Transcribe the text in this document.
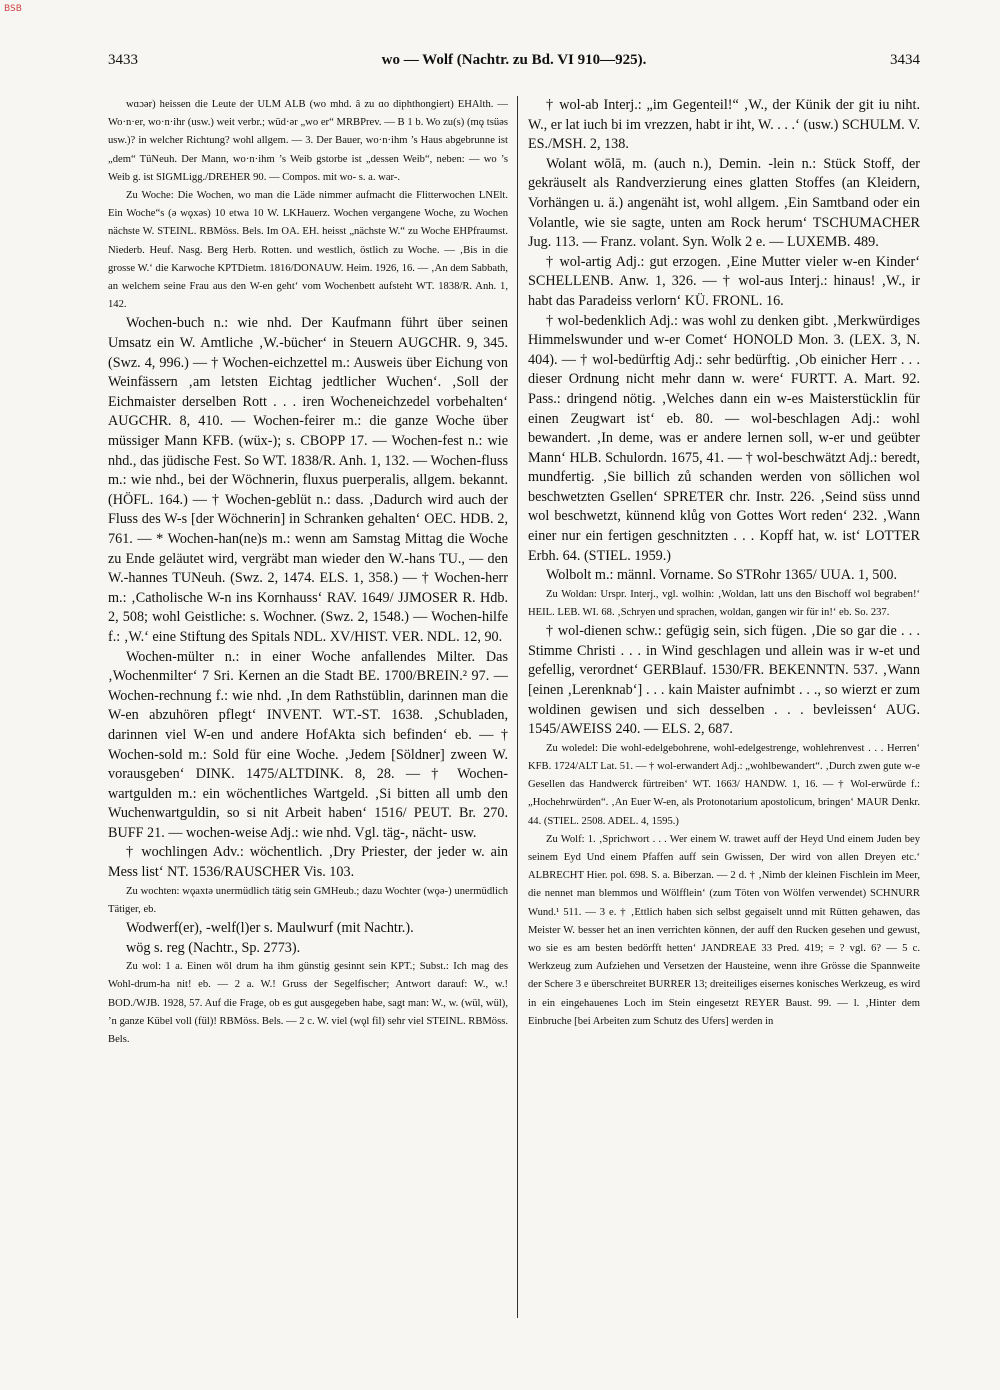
BSB
3433	wo — Wolf (Nachtr. zu Bd. VI 910—925).	3434

wɑɔər) heissen die Leute der ULM ALB (wo mhd. â zu ɑo diphthongiert) EHAlth. — Wo·n·er, wo·n·ihr (usw.) weit verbr.; wüd·ər „wo er“ MRBPrev. — B 1 b. Wo zu(s) (mǫ tsüəs usw.)? in welcher Richtung? wohl allgem. — 3. Der Bauer, wo·n·ihm ’s Haus abgebrunne ist „dem“ TüNeuh. Der Mann, wo·n·ihm ’s Weib gstorbe ist „dessen Weib“, neben: — wo ’s Weib g. ist SIGMLigg./DREHER 90. — Compos. mit wo- s. a. war-.

Zu Woche: Die Wochen, wo man die Läde nimmer aufmacht die Flitterwochen LNElt. Ein Woche“s (ə wǫxəs) 10 etwa 10 W. LKHauerz. Wochen vergangene Woche, zu Wochen nächste W. STEINL. RBMöss. Bels. Im OA. EH. heisst „nächste W.“ zu Woche EHPfraumst. Niederb. Heuf. Nasg. Berg Herb. Rotten. und westlich, östlich zu Woche. — ‚Bis in die grosse W.‘ die Karwoche KPTDietm. 1816/DONAUW. Heim. 1926, 16. — ‚An dem Sabbath, an welchem seine Frau aus den W-en geht‘ vom Wochenbett aufsteht WT. 1838/R. Anh. 1, 142.

Wochen-buch n.: wie nhd. Der Kaufmann führt über seinen Umsatz ein W. Amtliche ‚W.-bücher‘ in Steuern AUGCHR. 9, 345. (Swz. 4, 996.) — † Wochen-eichzettel m.: Ausweis über Eichung von Weinfässern ‚am letsten Eichtag jedtlicher Wuchen‘. ‚Soll der Eichmaister derselben Rott . . . iren Wocheneichzedel vorbehalten‘ AUGCHR. 8, 410. — Wochen-feirer m.: die ganze Woche über müssiger Mann KFB. (wüx-); s. CBOPP 17. — Wochen-fest n.: wie nhd., das jüdische Fest. So WT. 1838/R. Anh. 1, 132. — Wochen-fluss m.: wie nhd., bei der Wöchnerin, fluxus puerperalis, allgem. bekannt. (HÖFL. 164.) — † Wochen-geblüt n.: dass. ‚Dadurch wird auch der Fluss des W-s [der Wöchnerin] in Schranken gehalten‘ OEC. HDB. 2, 761. — * Wochen-han(ne)s m.: wenn am Samstag Mittag die Woche zu Ende geläutet wird, vergräbt man wieder den W.-hans TU., — den W.-hannes TUNeuh. (Swz. 2, 1474. ELS. 1, 358.) — † Wochen-herr m.: ‚Catholische W-n ins Kornhauss‘ RAV. 1649/ JJMOSER R. Hdb. 2, 508; wohl Geistliche: s. Wochner. (Swz. 2, 1548.) — Wochen-hilfe f.: ‚W.‘ eine Stiftung des Spitals NDL. XV/HIST. VER. NDL. 12, 90.

Wochen-mülter n.: in einer Woche anfallendes Milter. Das ‚Wochenmilter‘ 7 Sri. Kernen an die Stadt BE. 1700/BREIN.² 97. — Wochen-rechnung f.: wie nhd. ‚In dem Rathstüblin, darinnen man die W-en abzuhören pflegt‘ INVENT. WT.-ST. 1638. ‚Schubladen, darinnen viel W-en und andere HofAkta sich befinden‘ eb. — † Wochen-sold m.: Sold für eine Woche. ‚Jedem [Söldner] zween W. vorausgeben‘ DINK. 1475/ALTDINK. 8, 28. — † Wochen-wartgulden m.: ein wöchentliches Wartgeld. ‚Si bitten all umb den Wuchenwartguldin, so si nit Arbeit haben‘ 1516/ PEUT. Br. 270. BUFF 21. — wochen-weise Adj.: wie nhd. Vgl. täg-, nächt- usw.

† wochlingen Adv.: wöchentlich. ‚Dry Priester, der jeder w. ain Mess list‘ NT. 1536/RAUSCHER Vis. 103.

Zu wochten: wǫaxtə unermüdlich tätig sein GMHeub.; dazu Wochter (wǫə-) unermüdlich Tätiger, eb.

Wodwerf(er), -welf(l)er s. Maulwurf (mit Nachtr.).

wög s. reg (Nachtr., Sp. 2773).

Zu wol: 1 a. Einen wōl drum ha ihm günstig gesinnt sein KPT.; Subst.: Ich mag des Wohl-drum-ha nit! eb. — 2 a. W.! Gruss der Segelfischer; Antwort darauf: W., w.! BOD./WJB. 1928, 57. Auf die Frage, ob es gut ausgegeben habe, sagt man: W., w. (wül, wül), ’n ganze Kübel voll (fül)! RBMöss. Bels. — 2 c. W. viel (wǫl fil) sehr viel STEINL. RBMöss. Bels.

† wol-ab Interj.: „im Gegenteil!“ ‚W., der Künik der git iu niht. W., er lat iuch bi im vrezzen, habt ir iht, W. . . .‘ (usw.) SCHULM. V. ES./MSH. 2, 138.

Wolant wōlā, m. (auch n.), Demin. -lein n.: Stück Stoff, der gekräuselt als Randverzierung eines glatten Stoffes (an Kleidern, Vorhängen u. ä.) angenäht ist, wohl allgem. ‚Ein Samtband oder ein Volantle, wie sie sagte, unten am Rock herum‘ TSCHUMACHER Jug. 113. — Franz. volant. Syn. Wolk 2 e. — LUXEMB. 489.

† wol-artig Adj.: gut erzogen. ‚Eine Mutter vieler w-en Kinder‘ SCHELLENB. Anw. 1, 326. — † wol-aus Interj.: hinaus! ‚W., ir habt das Paradeiss verlorn‘ KÜ. FRONL. 16.

† wol-bedenklich Adj.: was wohl zu denken gibt. ‚Merkwürdiges Himmelswunder und w-er Comet‘ HONOLD Mon. 3. (LEX. 3, N. 404). — † wol-bedürftig Adj.: sehr bedürftig. ‚Ob einicher Herr . . . dieser Ordnung nicht mehr dann w. were‘ FURTT. A. Mart. 92. Pass.: dringend nötig. ‚Welches dann ein w-es Maisterstücklin für einen Zeugwart ist‘ eb. 80. — wol-beschlagen Adj.: wohl bewandert. ‚In deme, was er andere lernen soll, w-er und geübter Mann‘ HLB. Schulordn. 1675, 41. — † wol-beschwätzt Adj.: beredt, mundfertig. ‚Sie billich zů schanden werden von söllichen wol beschwetzten Gsellen‘ SPRETER chr. Instr. 226. ‚Seind süss unnd wol beschwetzt, künnend klůg von Gottes Wort reden‘ 232. ‚Wann einer nur ein fertigen geschnitzten . . . Kopff hat, w. ist‘ LOTTER Erbh. 64. (STIEL. 1959.)

Wolbolt m.: männl. Vorname. So STRohr 1365/ UUA. 1, 500.

Zu Woldan: Urspr. Interj., vgl. wolhin: ‚Woldan, latt uns den Bischoff wol begraben!‘ HEIL. LEB. WI. 68. ‚Schryen und sprachen, woldan, gangen wir für in!‘ eb. So. 237.

† wol-dienen schw.: gefügig sein, sich fügen. ‚Die so gar die . . . Stimme Christi . . . in Wind geschlagen und allein was ir w-et und gefellig, verordnet‘ GERBlauf. 1530/FR. BEKENNTN. 537. ‚Wann [einen ‚Lerenknab‘] . . . kain Maister aufnimbt . . ., so wierzt er zum woldinen gewisen und sich desselben . . . bevleissen‘ AUG. 1545/AWEISS 240. — ELS. 2, 687.

Zu woledel: Die wohl-edelgebohrene, wohl-edelgestrenge, wohlehrenvest . . . Herren‘ KFB. 1724/ALT Lat. 51. — † wol-erwandert Adj.: „wohlbewandert“. ‚Durch zwen gute w-e Gesellen das Handwerck fürtreiben‘ WT. 1663/ HANDW. 1, 16. — † Wol-erwürde f.: „Hochehrwürden“. ‚An Euer W-en, als Protonotarium apostolicum, bringen‘ MAUR Denkr. 44. (STIEL. 2508. ADEL. 4, 1595.)

Zu Wolf: 1. ‚Sprichwort . . . Wer einem W. trawet auff der Heyd Und einem Juden bey seinem Eyd Und einem Pfaffen auff sein Gwissen, Der wird von allen Dreyen etc.‘ ALBRECHT Hier. pol. 698. S. a. Biberzan. — 2 d. † ‚Nimb der kleinen Fischlein im Meer, die nennet man blemmos und Wölfflein‘ (zum Töten von Wölfen verwendet) SCHNURR Wund.¹ 511. — 3 e. † ‚Ettlich haben sich selbst gegaiselt unnd mit Rütten gehawen, das Meister W. besser het an inen verrichten können, der auff den Rucken gesehen und gewust, wo sie es am besten bedörfft hetten‘ JANDREAE 33 Pred. 419; = ? vgl. 6? — 5 c. Werkzeug zum Aufziehen und Versetzen der Hausteine, wenn ihre Grösse die Spannweite der Schere 3 e überschreitet BURRER 13; dreiteiliges eisernes konisches Werkzeug, es wird in ein eingehauenes Loch im Stein eingesetzt REYER Baust. 99. — l. ‚Hinter dem Einbruche [bei Arbeiten zum Schutz des Ufers] werden in
